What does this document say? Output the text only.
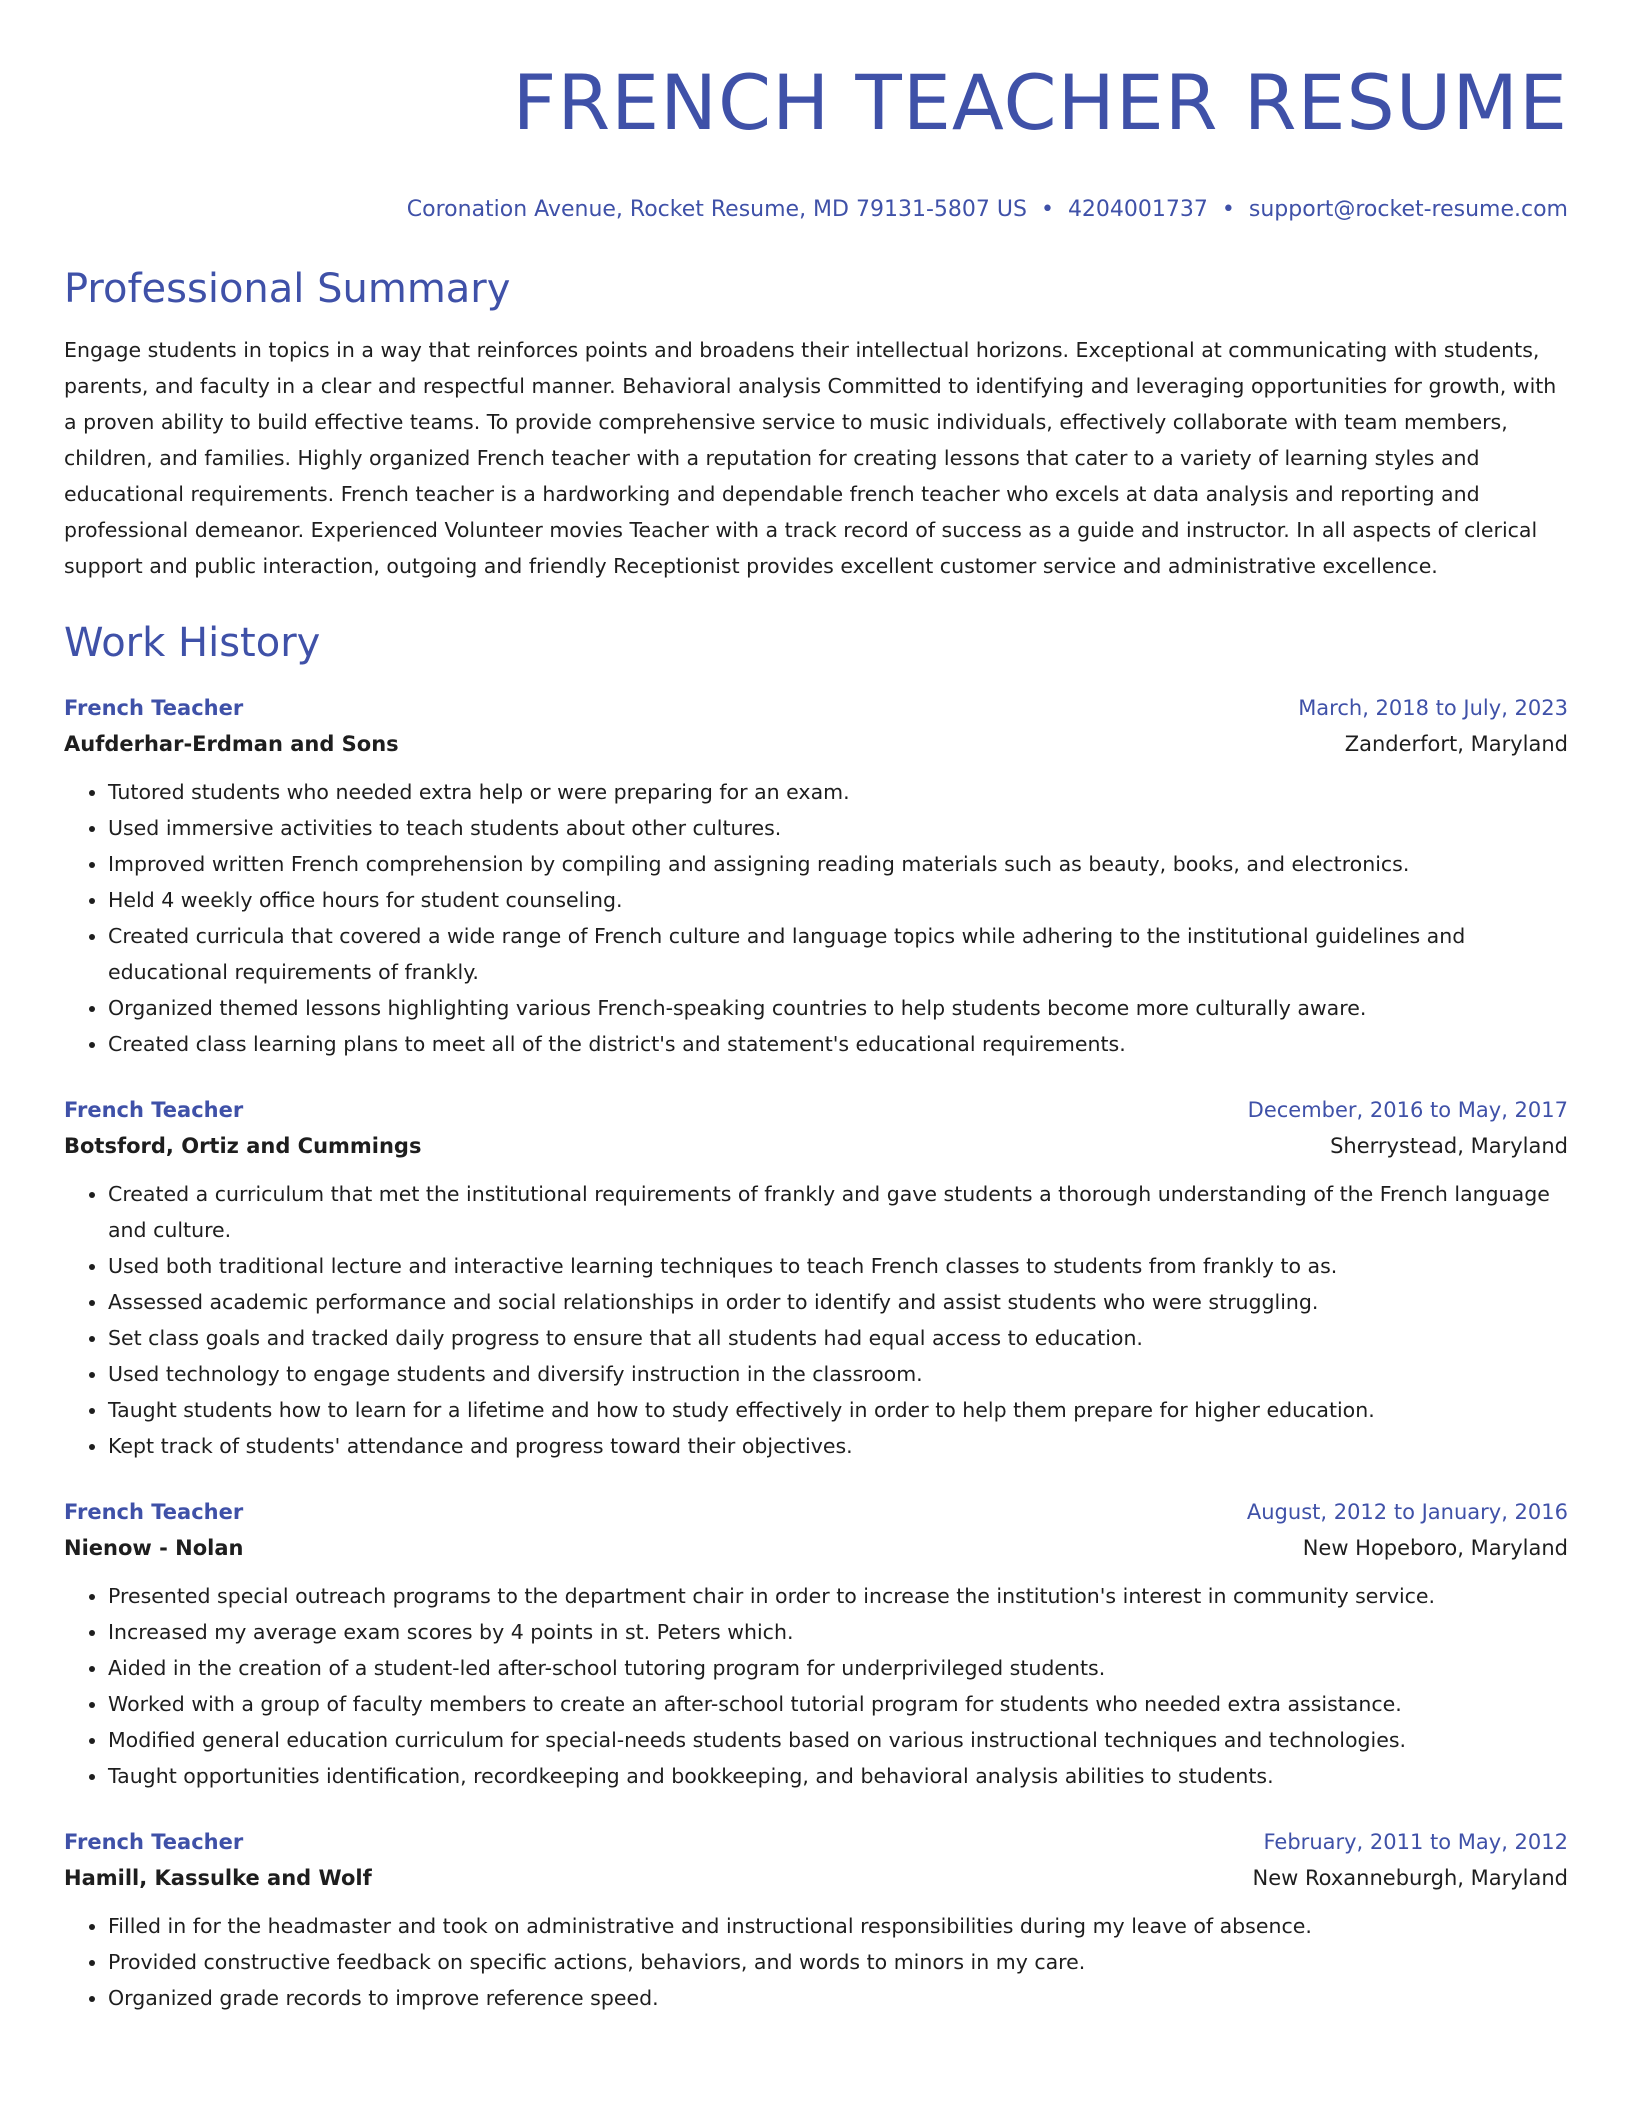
FRENCH TEACHER RESUME
Coronation Avenue, Rocket Resume, MD 79131-5807 US • 4204001737 • support@rocket-resume.com
Professional Summary

Engage students in topics in a way that reinforces points and broadens their intellectual horizons. Exceptional at communicating with students, parents, and faculty in a clear and respectful manner. Behavioral analysis Committed to identifying and leveraging opportunities for growth, with a proven ability to build effective teams. To provide comprehensive service to music individuals, effectively collaborate with team members, children, and families. Highly organized French teacher with a reputation for creating lessons that cater to a variety of learning styles and educational requirements. French teacher is a hardworking and dependable french teacher who excels at data analysis and reporting and professional demeanor. Experienced Volunteer movies Teacher with a track record of success as a guide and instructor. In all aspects of clerical support and public interaction, outgoing and friendly Receptionist provides excellent customer service and administrative excellence.

Work History
French Teacher	March, 2018 to July, 2023
Aufderhar-Erdman and Sons	Zanderfort, Maryland
• Tutored students who needed extra help or were preparing for an exam.
• Used immersive activities to teach students about other cultures.
• Improved written French comprehension by compiling and assigning reading materials such as beauty, books, and electronics.
• Held 4 weekly office hours for student counseling.
• Created curricula that covered a wide range of French culture and language topics while adhering to the institutional guidelines and educational requirements of frankly.
• Organized themed lessons highlighting various French-speaking countries to help students become more culturally aware.
• Created class learning plans to meet all of the district's and statement's educational requirements.
French Teacher	December, 2016 to May, 2017
Botsford, Ortiz and Cummings	Sherrystead, Maryland
• Created a curriculum that met the institutional requirements of frankly and gave students a thorough understanding of the French language and culture.
• Used both traditional lecture and interactive learning techniques to teach French classes to students from frankly to as.
• Assessed academic performance and social relationships in order to identify and assist students who were struggling.
• Set class goals and tracked daily progress to ensure that all students had equal access to education.
• Used technology to engage students and diversify instruction in the classroom.
• Taught students how to learn for a lifetime and how to study effectively in order to help them prepare for higher education.
• Kept track of students' attendance and progress toward their objectives.
French Teacher	August, 2012 to January, 2016
Nienow - Nolan	New Hopeboro, Maryland
• Presented special outreach programs to the department chair in order to increase the institution's interest in community service.
• Increased my average exam scores by 4 points in st. Peters which.
• Aided in the creation of a student-led after-school tutoring program for underprivileged students.
• Worked with a group of faculty members to create an after-school tutorial program for students who needed extra assistance.
• Modified general education curriculum for special-needs students based on various instructional techniques and technologies.
• Taught opportunities identification, recordkeeping and bookkeeping, and behavioral analysis abilities to students.
French Teacher	February, 2011 to May, 2012
Hamill, Kassulke and Wolf	New Roxanneburgh, Maryland
• Filled in for the headmaster and took on administrative and instructional responsibilities during my leave of absence.
• Provided constructive feedback on specific actions, behaviors, and words to minors in my care.
• Organized grade records to improve reference speed.
